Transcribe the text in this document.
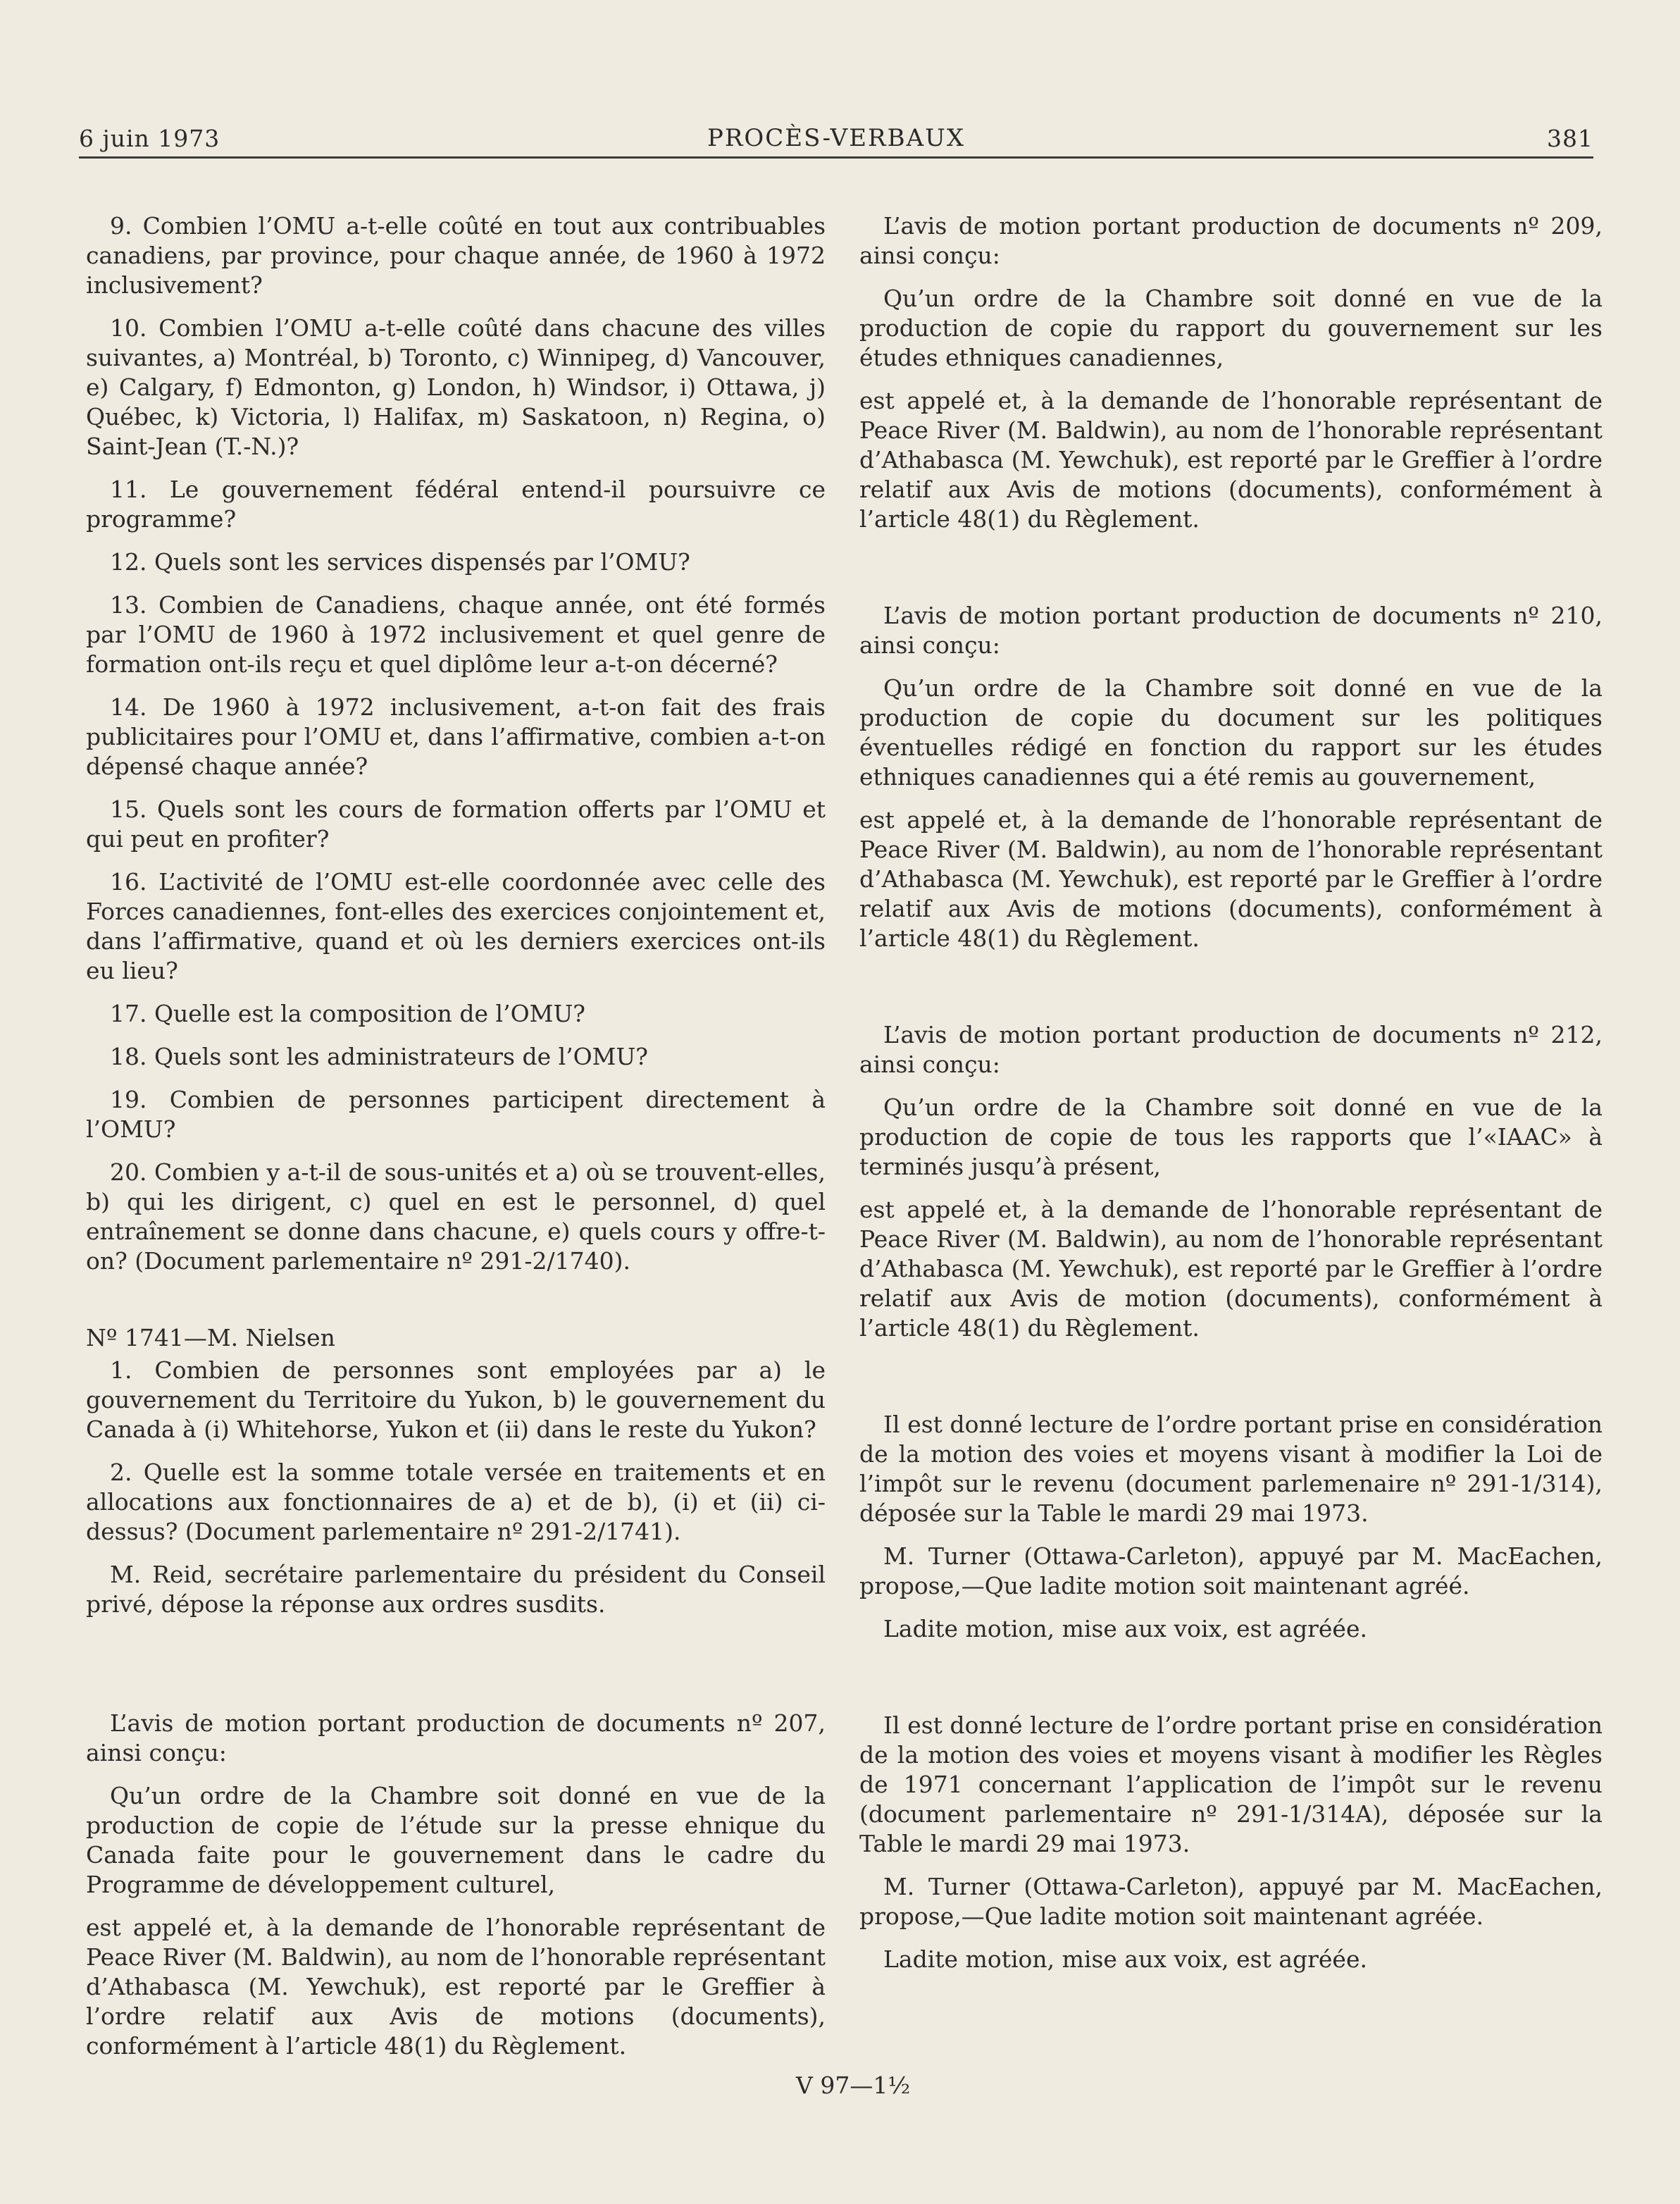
6 juin 1973	PROCÈS-VERBAUX	381

9. Combien l’OMU a-t-elle coûté en tout aux contribuables canadiens, par province, pour chaque année, de 1960 à 1972 inclusivement?

10. Combien l’OMU a-t-elle coûté dans chacune des villes suivantes, a) Montréal, b) Toronto, c) Winnipeg, d) Vancouver, e) Calgary, f) Edmonton, g) London, h) Windsor, i) Ottawa, j) Québec, k) Victoria, l) Halifax, m) Saskatoon, n) Regina, o) Saint-Jean (T.-N.)?

11. Le gouvernement fédéral entend-il poursuivre ce programme?

12. Quels sont les services dispensés par l’OMU?

13. Combien de Canadiens, chaque année, ont été formés par l’OMU de 1960 à 1972 inclusivement et quel genre de formation ont-ils reçu et quel diplôme leur a-t-on décerné?

14. De 1960 à 1972 inclusivement, a-t-on fait des frais publicitaires pour l’OMU et, dans l’affirmative, combien a-t-on dépensé chaque année?

15. Quels sont les cours de formation offerts par l’OMU et qui peut en profiter?

16. L’activité de l’OMU est-elle coordonnée avec celle des Forces canadiennes, font-elles des exercices conjointement et, dans l’affirmative, quand et où les derniers exercices ont-ils eu lieu?

17. Quelle est la composition de l’OMU?

18. Quels sont les administrateurs de l’OMU?

19. Combien de personnes participent directement à l’OMU?

20. Combien y a-t-il de sous-unités et a) où se trouvent-elles, b) qui les dirigent, c) quel en est le personnel, d) quel entraînement se donne dans chacune, e) quels cours y offre-t-on? (Document parlementaire nº 291-2/1740).

Nº 1741—M. Nielsen

1. Combien de personnes sont employées par a) le gouvernement du Territoire du Yukon, b) le gouvernement du Canada à (i) Whitehorse, Yukon et (ii) dans le reste du Yukon?

2. Quelle est la somme totale versée en traitements et en allocations aux fonctionnaires de a) et de b), (i) et (ii) ci-dessus? (Document parlementaire nº 291-2/1741).

M. Reid, secrétaire parlementaire du président du Conseil privé, dépose la réponse aux ordres susdits.

L’avis de motion portant production de documents nº 207, ainsi conçu:

Qu’un ordre de la Chambre soit donné en vue de la production de copie de l’étude sur la presse ehnique du Canada faite pour le gouvernement dans le cadre du Programme de développement culturel,

est appelé et, à la demande de l’honorable représentant de Peace River (M. Baldwin), au nom de l’honorable représentant d’Athabasca (M. Yewchuk), est reporté par le Greffier à l’ordre relatif aux Avis de motions (documents), conformément à l’article 48(1) du Règlement.

L’avis de motion portant production de documents nº 209, ainsi conçu:

Qu’un ordre de la Chambre soit donné en vue de la production de copie du rapport du gouvernement sur les études ethniques canadiennes,

est appelé et, à la demande de l’honorable représentant de Peace River (M. Baldwin), au nom de l’honorable représentant d’Athabasca (M. Yewchuk), est reporté par le Greffier à l’ordre relatif aux Avis de motions (documents), conformément à l’article 48(1) du Règlement.

L’avis de motion portant production de documents nº 210, ainsi conçu:

Qu’un ordre de la Chambre soit donné en vue de la production de copie du document sur les politiques éventuelles rédigé en fonction du rapport sur les études ethniques canadiennes qui a été remis au gouvernement,

est appelé et, à la demande de l’honorable représentant de Peace River (M. Baldwin), au nom de l’honorable représentant d’Athabasca (M. Yewchuk), est reporté par le Greffier à l’ordre relatif aux Avis de motions (documents), conformément à l’article 48(1) du Règlement.

L’avis de motion portant production de documents nº 212, ainsi conçu:

Qu’un ordre de la Chambre soit donné en vue de la production de copie de tous les rapports que l’«IAAC» à terminés jusqu’à présent,

est appelé et, à la demande de l’honorable représentant de Peace River (M. Baldwin), au nom de l’honorable représentant d’Athabasca (M. Yewchuk), est reporté par le Greffier à l’ordre relatif aux Avis de motion (documents), conformément à l’article 48(1) du Règlement.

Il est donné lecture de l’ordre portant prise en considération de la motion des voies et moyens visant à modifier la Loi de l’impôt sur le revenu (document parlemenaire nº 291-1/314), déposée sur la Table le mardi 29 mai 1973.

M. Turner (Ottawa-Carleton), appuyé par M. MacEachen, propose,—Que ladite motion soit maintenant agréé.

Ladite motion, mise aux voix, est agréée.

Il est donné lecture de l’ordre portant prise en considération de la motion des voies et moyens visant à modifier les Règles de 1971 concernant l’application de l’impôt sur le revenu (document parlementaire nº 291-1/314A), déposée sur la Table le mardi 29 mai 1973.

M. Turner (Ottawa-Carleton), appuyé par M. MacEachen, propose,—Que ladite motion soit maintenant agréée.

Ladite motion, mise aux voix, est agréée.

V 97—1½
